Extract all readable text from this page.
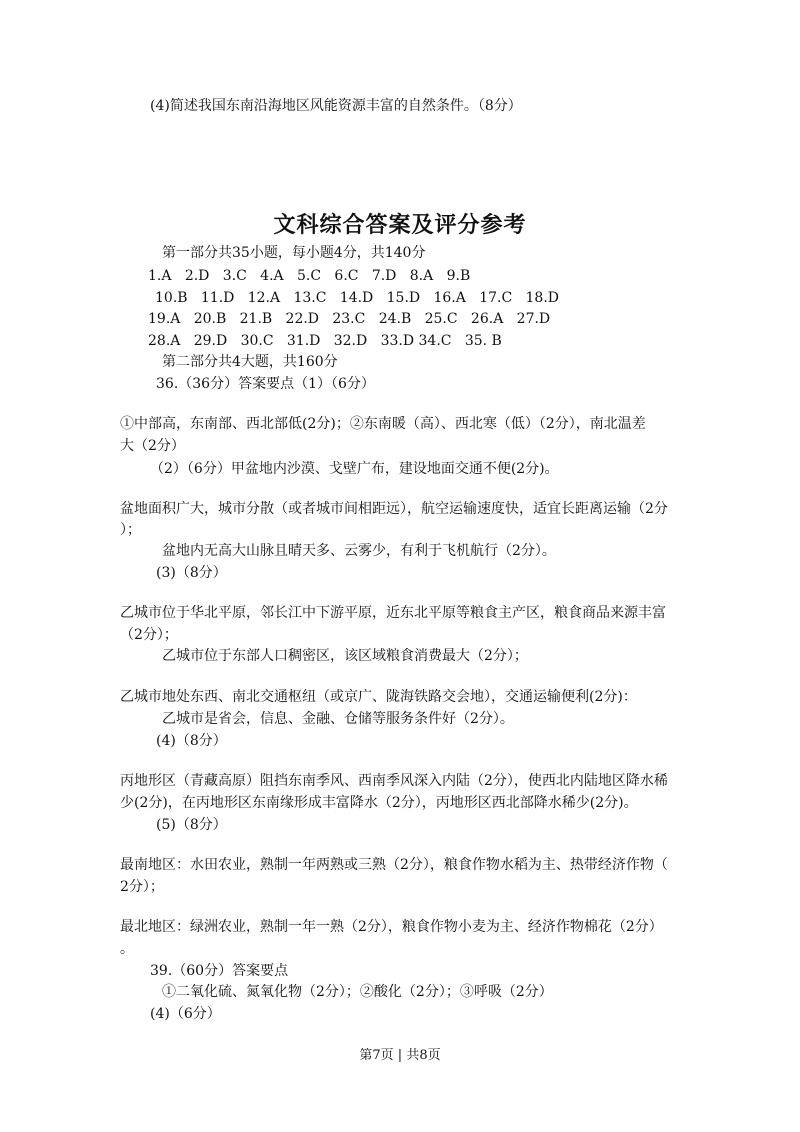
(4)简述我国东南沿海地区风能资源丰富的自然条件。（8分）
文科综合答案及评分参考
第一部分共35小题，每小题4分，共140分
1.A   2.D   3.C   4.A   5.C   6.C   7.D   8.A   9.B
10.B   11.D   12.A   13.C   14.D   15.D   16.A   17.C   18.D
19.A   20.B   21.B   22.D   23.C   24.B   25.C   26.A   27.D
28.A   29.D   30.C   31.D   32.D   33.D 34.C   35. B
第二部分共4大题，共160分
36.（36分）答案要点（1）（6分）
①中部高，东南部、西北部低(2分)；②东南暖（高）、西北寒（低）（2分），南北温差
大（2分）
（2）（6分）甲盆地内沙漠、戈壁广布，建设地面交通不便(2分)。
盆地面积广大，城市分散（或者城市间相距远），航空运输速度快，适宜长距离运输（2分
）；
盆地内无高大山脉且晴天多、云雾少，有利于飞机航行（2分）。
(3)（8分）
乙城市位于华北平原，邻长江中下游平原，近东北平原等粮食主产区，粮食商品来源丰富
（2分）；
乙城市位于东部人口稠密区，该区域粮食消费最大（2分）；
乙城市地处东西、南北交通枢纽（或京广、陇海铁路交会地），交通运输便利(2分)：
乙城市是省会，信息、金融、仓储等服务条件好（2分）。
(4)（8分）
丙地形区（青藏高原）阻挡东南季风、西南季风深入内陆（2分），使西北内陆地区降水稀
少(2分)，在丙地形区东南缘形成丰富降水（2分），丙地形区西北部降水稀少(2分)。
(5)（8分）
最南地区：水田农业，熟制一年两熟或三熟（2分），粮食作物水稻为主、热带经济作物（
2分）；
最北地区：绿洲农业，熟制一年一熟（2分），粮食作物小麦为主、经济作物棉花（2分）
。
39.（60分）答案要点
①二氧化硫、氮氧化物（2分）；②酸化（2分）；③呼吸（2分）
(4)（6分）
第7页 | 共8页
